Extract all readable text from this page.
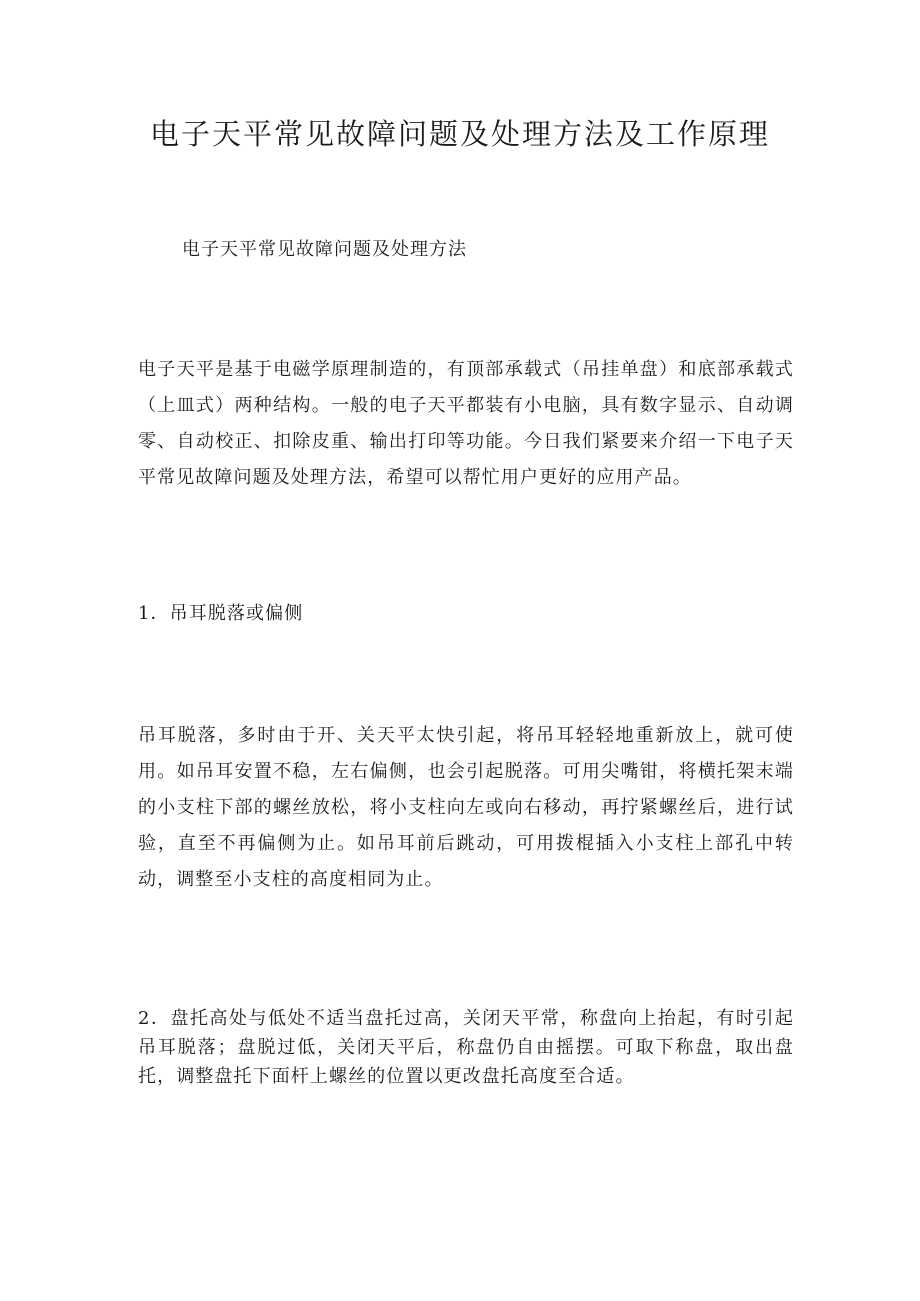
电子天平常见故障问题及处理方法及工作原理

电子天平常见故障问题及处理方法

电子天平是基于电磁学原理制造的，有顶部承载式（吊挂单盘）和底部承载式（上皿式）两种结构。一般的电子天平都装有小电脑，具有数字显示、自动调零、自动校正、扣除皮重、输出打印等功能。今日我们紧要来介绍一下电子天平常见故障问题及处理方法，希望可以帮忙用户更好的应用产品。

1．吊耳脱落或偏侧

吊耳脱落，多时由于开、关天平太快引起，将吊耳轻轻地重新放上，就可使用。如吊耳安置不稳，左右偏侧，也会引起脱落。可用尖嘴钳，将横托架末端的小支柱下部的螺丝放松，将小支柱向左或向右移动，再拧紧螺丝后，进行试验，直至不再偏侧为止。如吊耳前后跳动，可用拨棍插入小支柱上部孔中转动，调整至小支柱的高度相同为止。

2．盘托高处与低处不适当盘托过高，关闭天平常，称盘向上抬起，有时引起吊耳脱落；盘脱过低，关闭天平后，称盘仍自由摇摆。可取下称盘，取出盘托，调整盘托下面杆上螺丝的位置以更改盘托高度至合适。
